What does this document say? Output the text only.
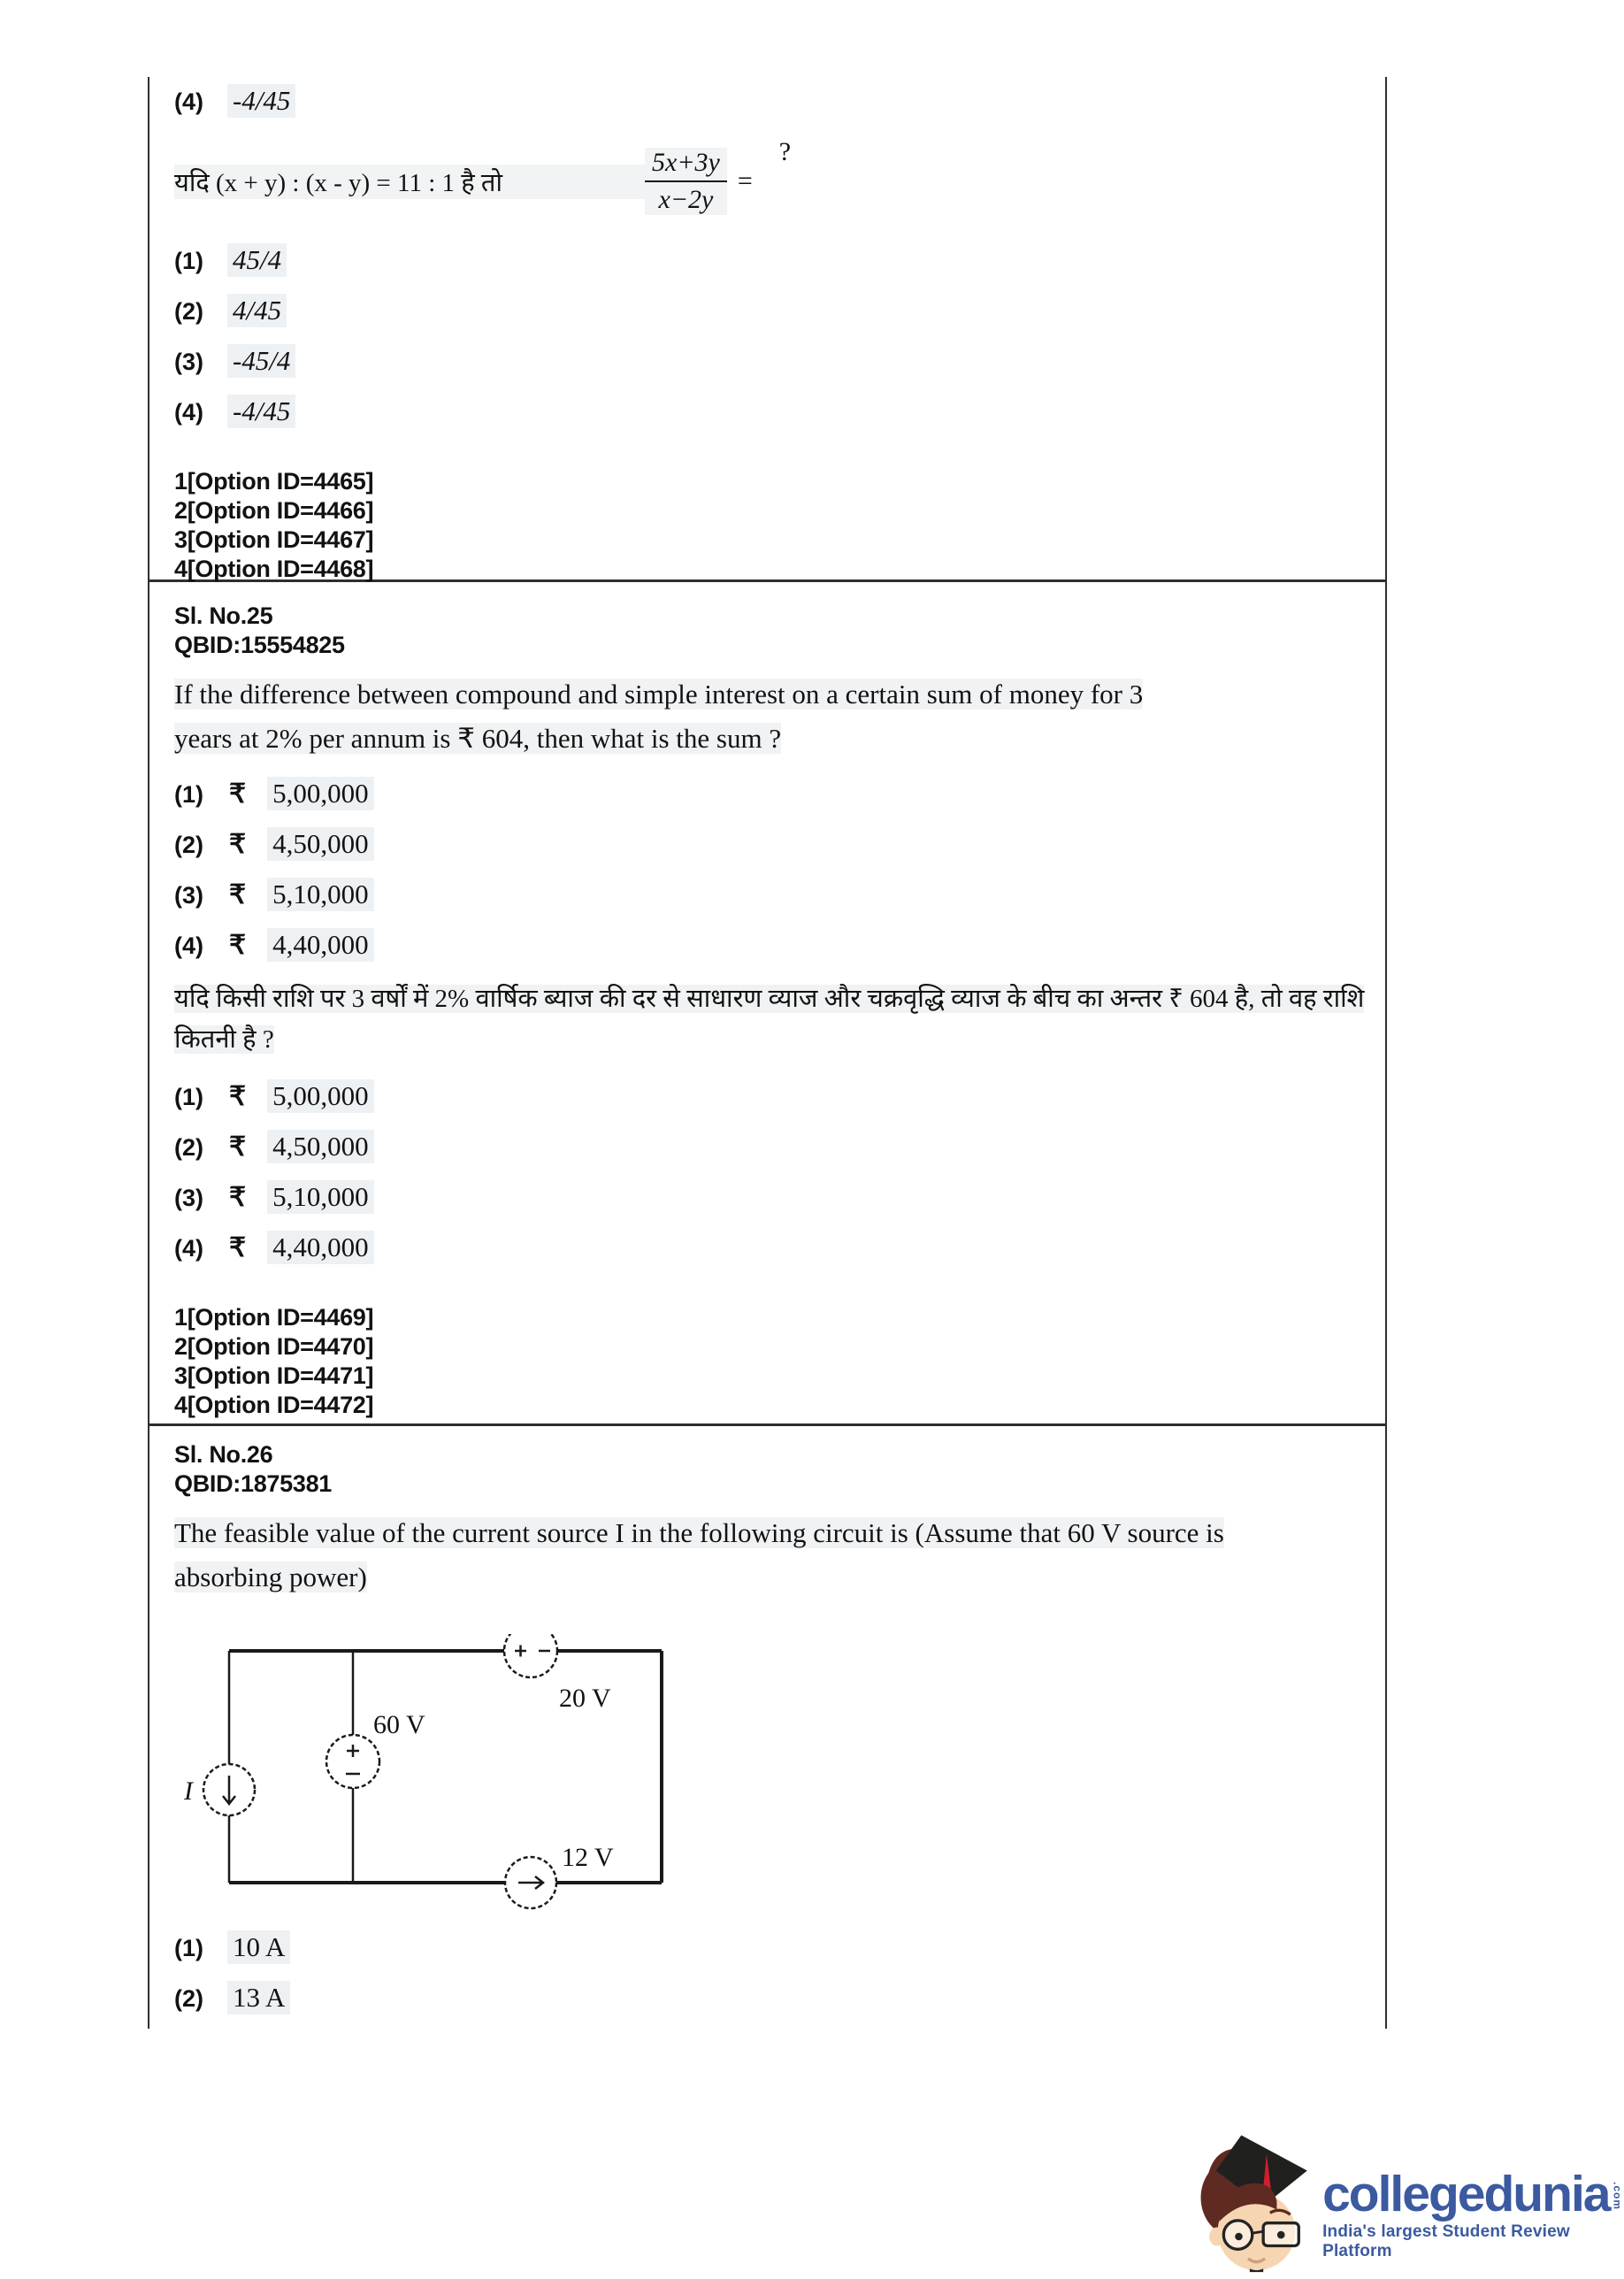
(4)	-4/45
यदि (x + y) : (x - y) = 11 : 1 है तो	$\frac{5x+3y}{x-2y}$ =
?
(1)	45/4
(2)	4/45
(3)	-45/4
(4)	-4/45
1[Option ID=4465]
2[Option ID=4466]
3[Option ID=4467]
4[Option ID=4468]
Sl. No.25
QBID:15554825

If the difference between compound and simple interest on a certain sum of money for 3 years at 2% per annum is ₹ 604, then what is the sum ?

(1) ₹ 5,00,000
(2) ₹ 4,50,000
(3) ₹ 5,10,000
(4) ₹ 4,40,000

यदि किसी राशि पर 3 वर्षों में 2% वार्षिक ब्याज की दर से साधारण व्याज और चक्रवृद्धि व्याज के बीच का अन्तर ₹ 604 है, तो वह राशि कितनी है ?

(1) ₹ 5,00,000
(2) ₹ 4,50,000
(3) ₹ 5,10,000
(4) ₹ 4,40,000
1[Option ID=4469]
2[Option ID=4470]
3[Option ID=4471]
4[Option ID=4472]
Sl. No.26
QBID:1875381

The feasible value of the current source I in the following circuit is (Assume that 60 V source is absorbing power)

20 V
60 V
I
12 V
(1)	10 A
(2)	13 A
collegedunia .com
India's largest Student Review Platform
